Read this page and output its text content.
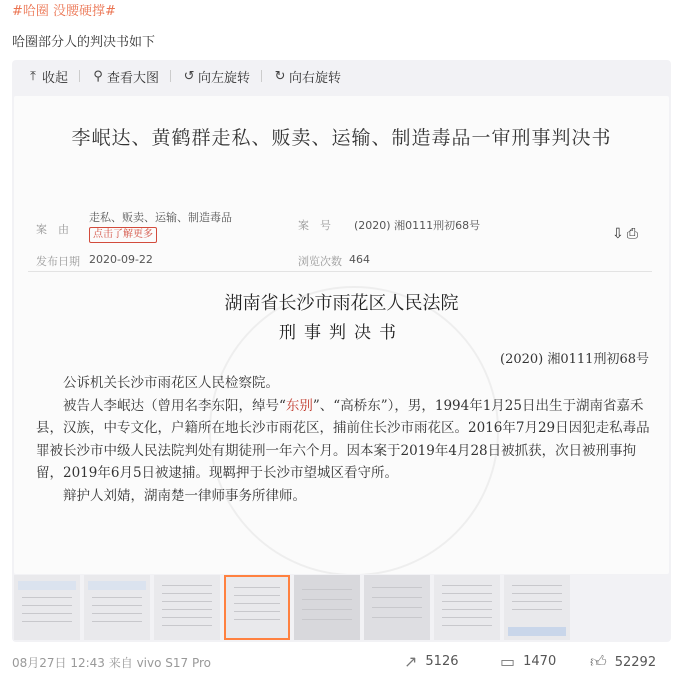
#哈圈 没腰硬撑#
哈圈部分人的判决书如下
⤒ 收起 ⚲ 查看大图 ↺ 向左旋转 ↻ 向右旋转
李岷达、黄鹤群走私、贩卖、运输、制造毒品一审刑事判决书
案　由
走私、贩卖、运输、制造毒品
点击了解更多
案　号 (2020) 湘0111刑初68号
⇩⎙
发布日期 2020-09-22	浏览次数 464
湖南省长沙市雨花区人民法院
刑事判决书
(2020) 湘0111刑初68号

公诉机关长沙市雨花区人民检察院。

被告人李岷达（曾用名李东阳，绰号“东别”、“高桥东”），男，1994年1月25日出生于湖南省嘉禾县，汉族，中专文化，户籍所在地长沙市雨花区，捕前住长沙市雨花区。2016年7月29日因犯走私毒品罪被长沙市中级人民法院判处有期徒刑一年六个月。因本案于2019年4月28日被抓获，次日被刑事拘留，2019年6月5日被逮捕。现羁押于长沙市望城区看守所。

辩护人刘婧，湖南楚一律师事务所律师。

08月27日 12:43 来自 vivo S17 Pro	↗ 5126	▭ 1470 👍︎ 52292
